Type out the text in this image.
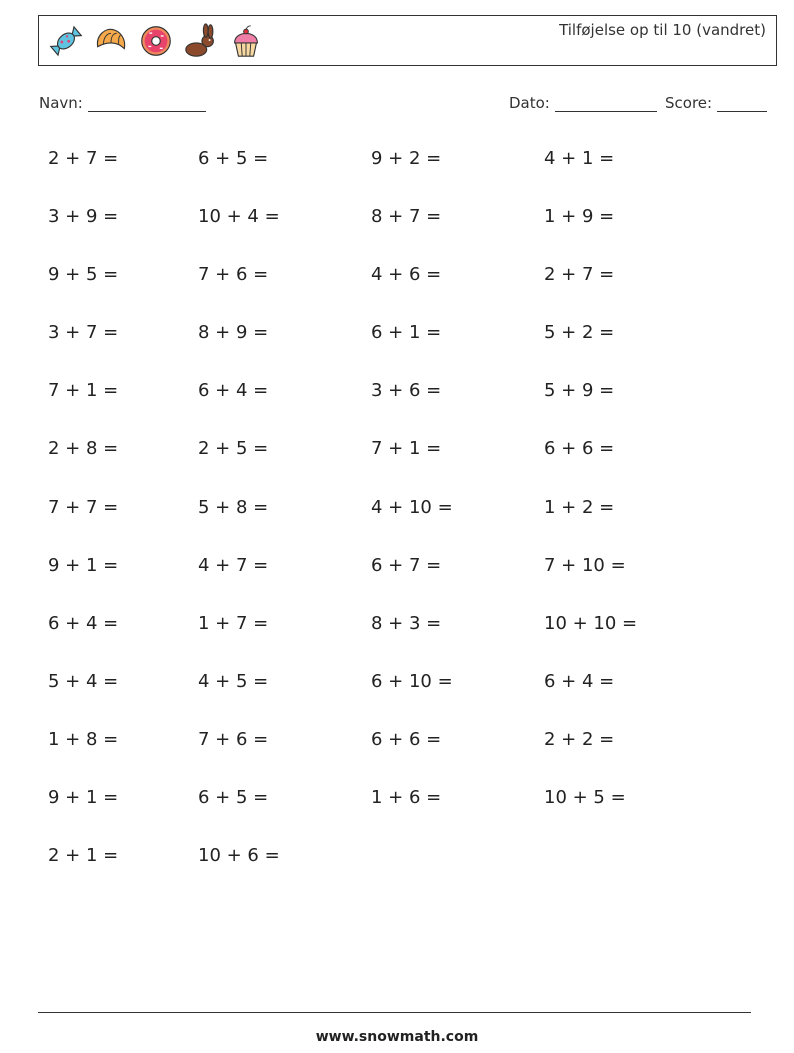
Tilføjelse op til 10 (vandret)
Navn:	Dato:	Score:
2 + 7 =	6 + 5 =	9 + 2 =	4 + 1 =
3 + 9 =	10 + 4 =	8 + 7 =	1 + 9 =
9 + 5 =	7 + 6 =	4 + 6 =	2 + 7 =
3 + 7 =	8 + 9 =	6 + 1 =	5 + 2 =
7 + 1 =	6 + 4 =	3 + 6 =	5 + 9 =
2 + 8 =	2 + 5 =	7 + 1 =	6 + 6 =
7 + 7 =	5 + 8 =	4 + 10 =	1 + 2 =
9 + 1 =	4 + 7 =	6 + 7 =	7 + 10 =
6 + 4 =	1 + 7 =	8 + 3 =	10 + 10 =
5 + 4 =	4 + 5 =	6 + 10 =	6 + 4 =
1 + 8 =	7 + 6 =	6 + 6 =	2 + 2 =
9 + 1 =	6 + 5 =	1 + 6 =	10 + 5 =
2 + 1 =	10 + 6 =
www.snowmath.com
